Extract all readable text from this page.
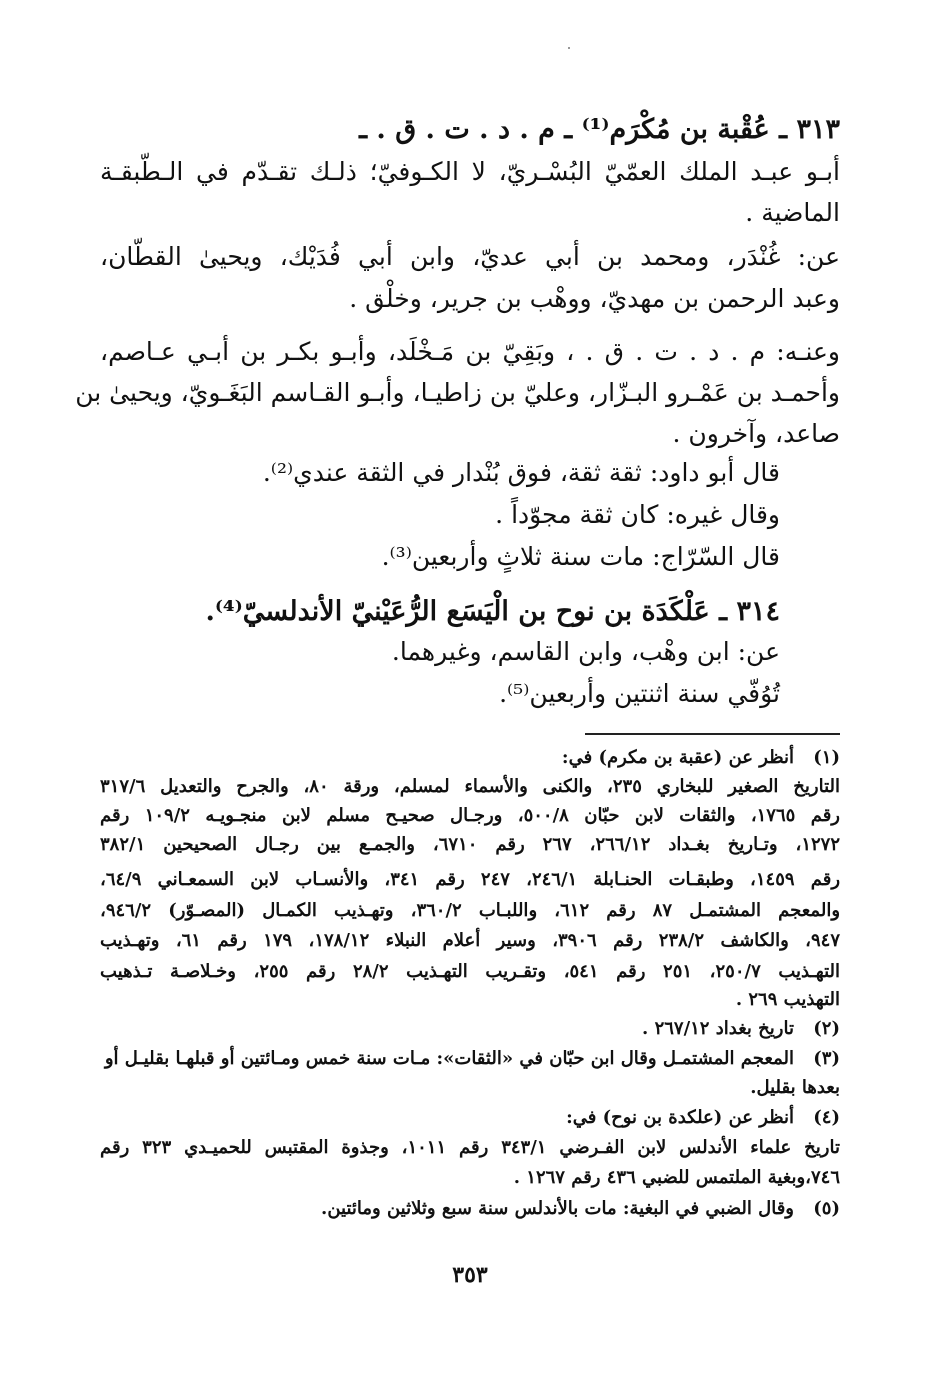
٣١٣ ـ عُقْبة بن مُكْرَم⁽¹⁾ ـ م . د . ت . ق . ـ
أبـو عبـد الملك العمّيّ البُسْـريّ، لا الكـوفيّ؛ ذلـك تقـدّم في الـطّبقـة
الماضية .
عن: غُنْدَر، ومحمد بن أبي عديّ، وابن أبي فُدَيْك، ويحيىٰ القطّان،
وعبد الرحمن بن مهديّ، ووهْب بن جرير، وخلْق .
وعنـه: م . د . ت . ق . ، وبَقِيّ بن مَـخْلَد، وأبـو بكـر بن أبـي عـاصم،
وأحمـد بن عَمْـرو البـزّار، وعليّ بن زاطيـا، وأبـو القـاسم البَغَـويّ، ويحيىٰ بن
صاعد، وآخرون .
قال أبو داود: ثقة ثقة، فوق بُنْدار في الثقة عندي⁽²⁾.
وقال غيره: كان ثقة مجوّداً .
قال السّرّاج: مات سنة ثلاثٍ وأربعين⁽³⁾.
٣١٤ ـ عَلْكَدَة بن نوح بن الْيَسَع الرُّعَيْنيّ الأندلسيّ⁽⁴⁾.
عن: ابن وهْب، وابن القاسم، وغيرهما.
تُوُفّي سنة اثنتين وأربعين⁽⁵⁾.
(١)أنظر عن (عقبة بن مكرم) في:
التاريخ الصغير للبخاري ٢٣٥، والكنى والأسماء لمسلم، ورقة ٨٠، والجرح والتعديل ٣١٧/٦
رقم ١٧٦٥، والثقات لابن حبّان ٥٠٠/٨، ورجـال صحيـح مسلم لابن منجـويـه ١٠٩/٢ رقم
١٢٧٢، وتـاريخ بغـداد ٢٦٦/١٢، ٢٦٧ رقم ٦٧١٠، والجمـع بين رجـال الصحيحين ٣٨٢/١
رقم ١٤٥٩، وطبقـات الحنـابلة ٢٤٦/١، ٢٤٧ رقم ٣٤١، والأنسـاب لابن السمعـاني ٦٤/٩،
والمعجم المشتمـل ٨٧ رقم ٦١٢، واللبـاب ٣٦٠/٢، وتهـذيب الكمـال (المصـوّر) ٩٤٦/٢،
٩٤٧، والكاشف ٢٣٨/٢ رقم ٣٩٠٦، وسير أعلام النبلاء ١٧٨/١٢، ١٧٩ رقم ٦١، وتهـذيب
التهـذيب ٢٥٠/٧، ٢٥١ رقم ٥٤١، وتقـريب التهـذيب ٢٨/٢ رقم ٢٥٥، وخـلاصـة تـذهيب
التهذيب ٢٦٩ .
(٢)تاريخ بغداد ٢٦٧/١٢ .
(٣)المعجم المشتمـل وقال ابن حبّان في «الثقات»: مـات سنة خمس ومـائتين أو قبلهـا بقليـل أو
بعدها بقليل.
(٤)أنظر عن (علكدة بن نوح) في:
تاريخ علماء الأندلس لابن الفـرضي ٣٤٣/١ رقم ١٠١١، وجذوة المقتبس للحميـدي ٣٢٣ رقم
٧٤٦،وبغية الملتمس للضبي ٤٣٦ رقم ١٢٦٧ .
(٥)وقال الضبي في البغية: مات بالأندلس سنة سبع وثلاثين ومائتين.
٣٥٣
